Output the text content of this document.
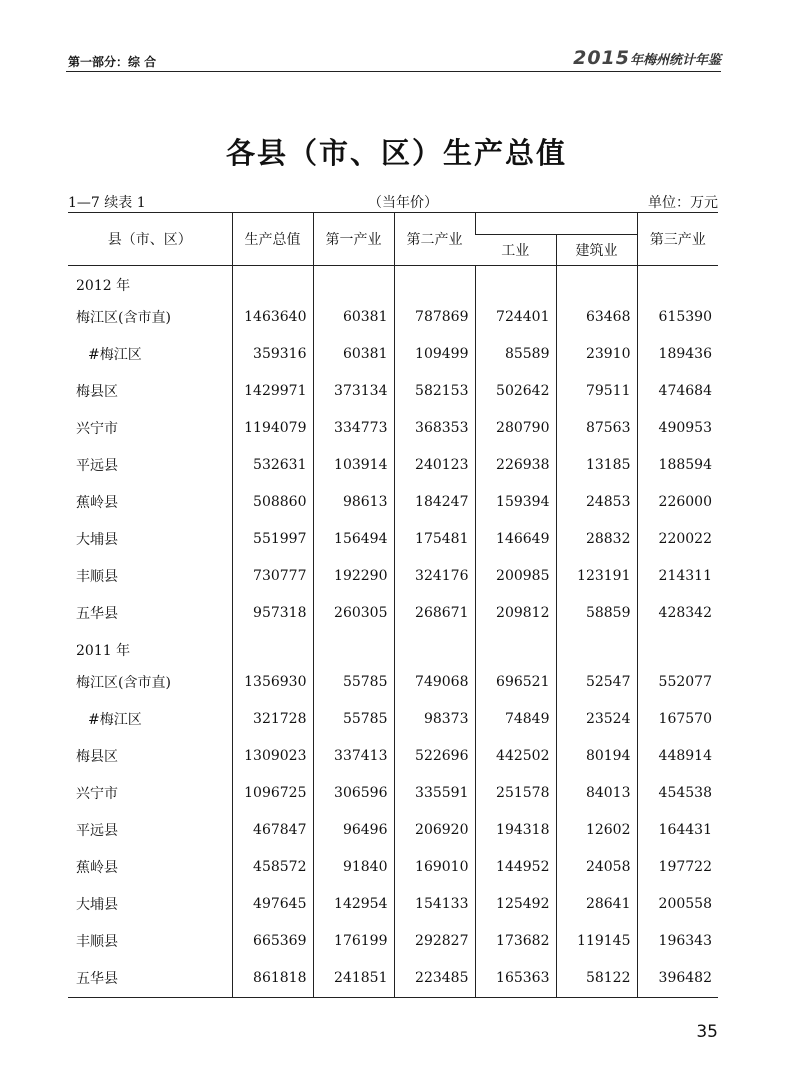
第一部分：综 合	2015年梅州统计年鉴
各县（市、区）生产总值
1—7 续表 1	（当年价）	单位：万元
县（市、区）	生产总值	第一产业	第二产业			第三产业
				工业	建筑业	
2012 年						
梅江区(含市直)	1463640	60381	787869	724401	63468	615390
#梅江区	359316	60381	109499	85589	23910	189436
梅县区	1429971	373134	582153	502642	79511	474684
兴宁市	1194079	334773	368353	280790	87563	490953
平远县	532631	103914	240123	226938	13185	188594
蕉岭县	508860	98613	184247	159394	24853	226000
大埔县	551997	156494	175481	146649	28832	220022
丰顺县	730777	192290	324176	200985	123191	214311
五华县	957318	260305	268671	209812	58859	428342
2011 年						
梅江区(含市直)	1356930	55785	749068	696521	52547	552077
#梅江区	321728	55785	98373	74849	23524	167570
梅县区	1309023	337413	522696	442502	80194	448914
兴宁市	1096725	306596	335591	251578	84013	454538
平远县	467847	96496	206920	194318	12602	164431
蕉岭县	458572	91840	169010	144952	24058	197722
大埔县	497645	142954	154133	125492	28641	200558
丰顺县	665369	176199	292827	173682	119145	196343
五华县	861818	241851	223485	165363	58122	396482
35
